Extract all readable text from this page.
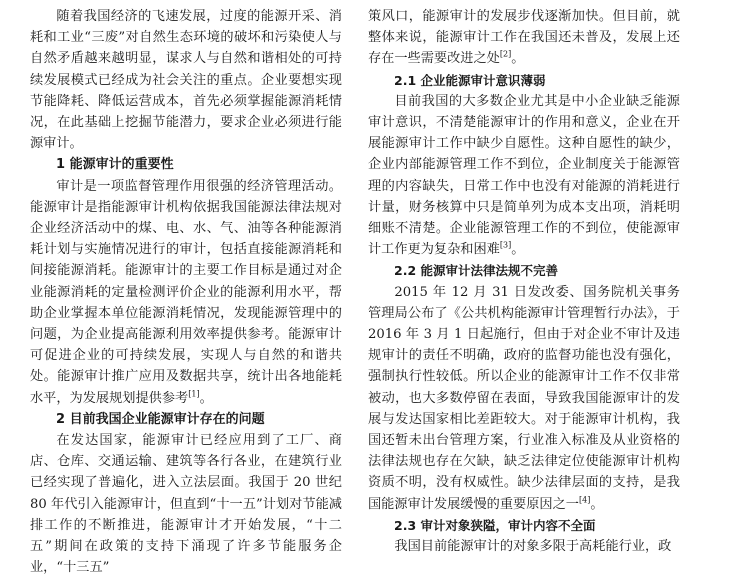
随着我国经济的飞速发展，过度的能源开采、消耗和工业“三废”对自然生态环境的破坏和污染使人与自然矛盾越来越明显，谋求人与自然和谐相处的可持续发展模式已经成为社会关注的重点。企业要想实现节能降耗、降低运营成本，首先必须掌握能源消耗情况，在此基础上挖掘节能潜力，要求企业必须进行能源审计。

1 能源审计的重要性

审计是一项监督管理作用很强的经济管理活动。能源审计是指能源审计机构依据我国能源法律法规对企业经济活动中的煤、电、水、气、油等各种能源消耗计划与实施情况进行的审计，包括直接能源消耗和间接能源消耗。能源审计的主要工作目标是通过对企业能源消耗的定量检测评价企业的能源利用水平，帮助企业掌握本单位能源消耗情况，发现能源管理中的问题，为企业提高能源利用效率提供参考。能源审计可促进企业的可持续发展，实现人与自然的和谐共处。能源审计推广应用及数据共享，统计出各地能耗水平，为发展规划提供参考[1]。

2 目前我国企业能源审计存在的问题

在发达国家，能源审计已经应用到了工厂、商店、仓库、交通运输、建筑等各行各业，在建筑行业已经实现了普遍化，进入立法层面。我国于 20 世纪 80 年代引入能源审计，但直到“十一五”计划对节能减排工作的不断推进，能源审计才开始发展，“十二五”期间在政策的支持下涌现了许多节能服务企业，“十三五”

策风口，能源审计的发展步伐逐渐加快。但目前，就整体来说，能源审计工作在我国还未普及，发展上还存在一些需要改进之处[2]。

2.1 企业能源审计意识薄弱

目前我国的大多数企业尤其是中小企业缺乏能源审计意识，不清楚能源审计的作用和意义，企业在开展能源审计工作中缺少自愿性。这种自愿性的缺少，企业内部能源管理工作不到位，企业制度关于能源管理的内容缺失，日常工作中也没有对能源的消耗进行计量，财务核算中只是简单列为成本支出项，消耗明细账不清楚。企业能源管理工作的不到位，使能源审计工作更为复杂和困难[3]。

2.2 能源审计法律法规不完善

2015 年 12 月 31 日发改委、国务院机关事务管理局公布了《公共机构能源审计管理暂行办法》，于 2016 年 3 月 1 日起施行，但由于对企业不审计及违规审计的责任不明确，政府的监督功能也没有强化，强制执行性较低。所以企业的能源审计工作不仅非常被动，也大多数停留在表面，导致我国能源审计的发展与发达国家相比差距较大。对于能源审计机构，我国还暂未出台管理方案，行业准入标准及从业资格的法律法规也存在欠缺，缺乏法律定位使能源审计机构资质不明，没有权威性。缺少法律层面的支持，是我国能源审计发展缓慢的重要原因之一[4]。

2.3 审计对象狭隘，审计内容不全面

我国目前能源审计的对象多限于高耗能行业，政
